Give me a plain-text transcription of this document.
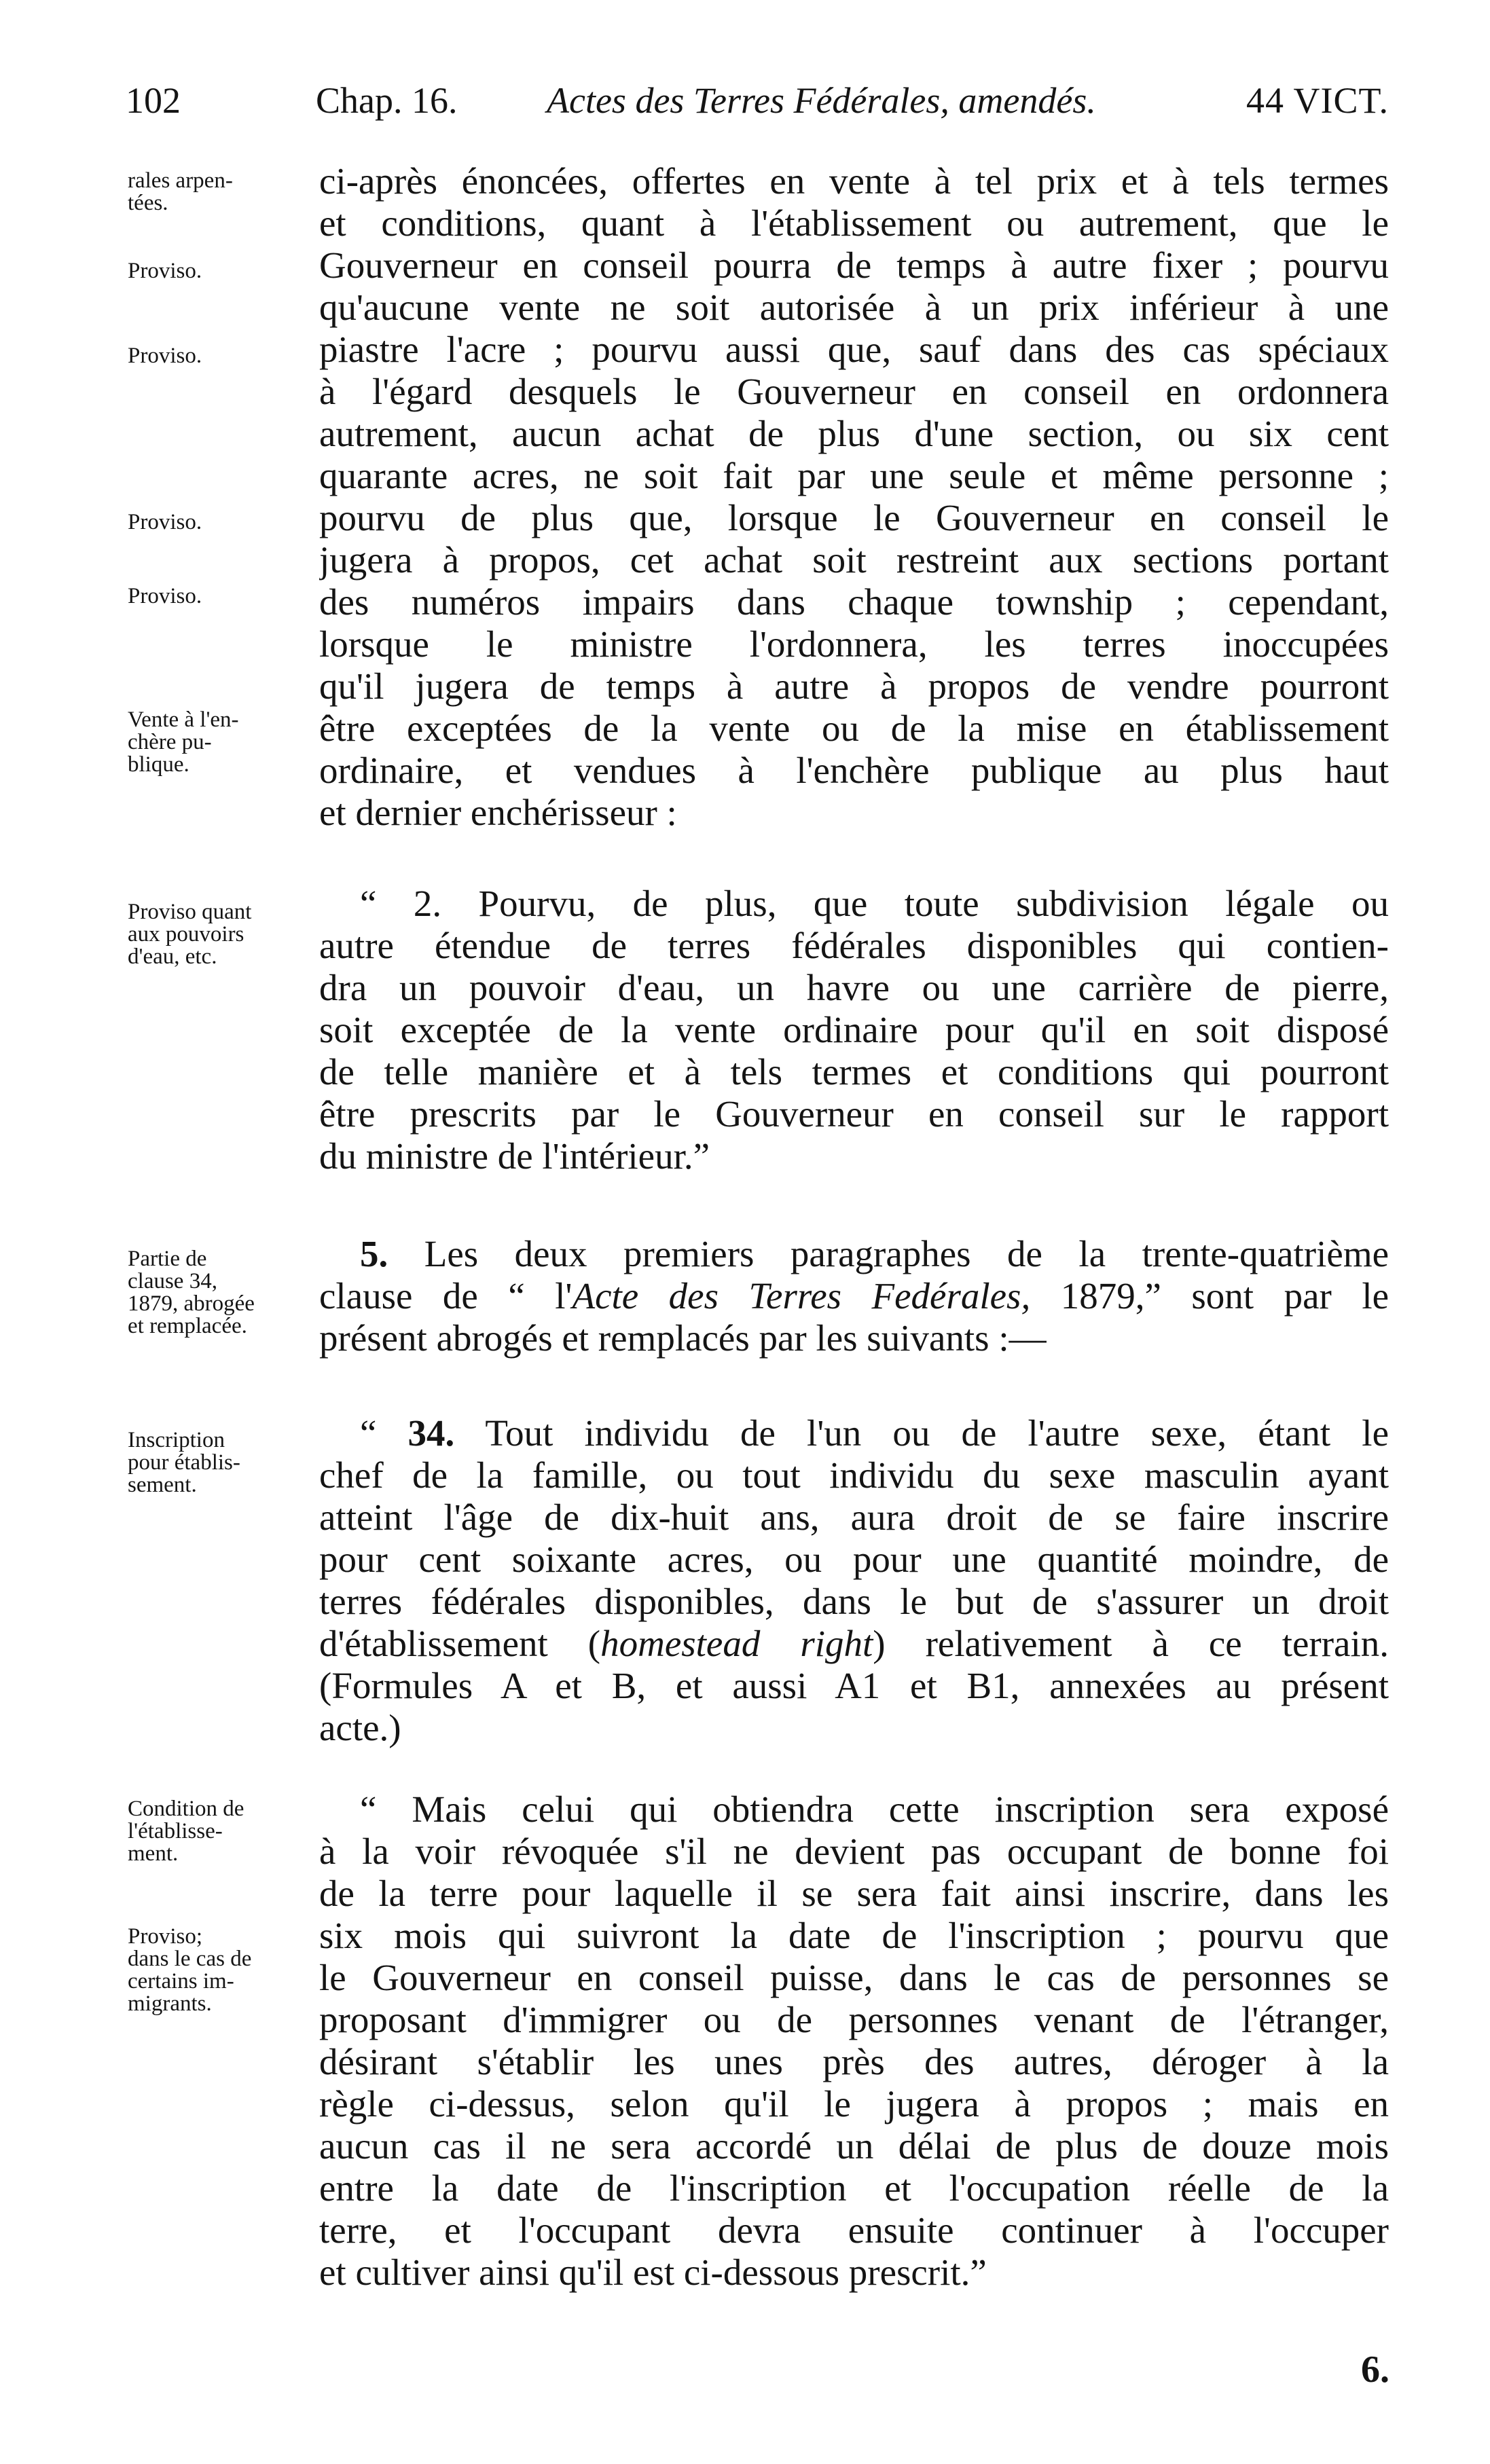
102	Chap. 16. Actes des Terres Fédérales, amendés.	44 VICT.
rales arpen-
tées.
Proviso.
Proviso.
Proviso.
Proviso.
Vente à l'en-
chère pu-
blique.
Proviso quant
aux pouvoirs
d'eau, etc.
Partie de
clause 34,
1879, abrogée
et remplacée.
Inscription
pour établis-
sement.
Condition de
l'établisse-
ment.
Proviso;
dans le cas de
certains im-
migrants.
ci-après énoncées, offertes en vente à tel prix et à tels termes
et conditions, quant à l'établissement ou autrement, que le
Gouverneur en conseil pourra de temps à autre fixer ; pourvu
qu'aucune vente ne soit autorisée à un prix inférieur à une
piastre l'acre ; pourvu aussi que, sauf dans des cas spéciaux
à l'égard desquels le Gouverneur en conseil en ordonnera
autrement, aucun achat de plus d'une section, ou six cent
quarante acres, ne soit fait par une seule et même personne ;
pourvu de plus que, lorsque le Gouverneur en conseil le
jugera à propos, cet achat soit restreint aux sections portant
des numéros impairs dans chaque township ; cependant,
lorsque le ministre l'ordonnera, les terres inoccupées
qu'il jugera de temps à autre à propos de vendre pourront
être exceptées de la vente ou de la mise en établissement
ordinaire, et vendues à l'enchère publique au plus haut
et dernier enchérisseur :
“ 2. Pourvu, de plus, que toute subdivision légale ou
autre étendue de terres fédérales disponibles qui contien-
dra un pouvoir d'eau, un havre ou une carrière de pierre,
soit exceptée de la vente ordinaire pour qu'il en soit disposé
de telle manière et à tels termes et conditions qui pourront
être prescrits par le Gouverneur en conseil sur le rapport
du ministre de l'intérieur.”
5. Les deux premiers paragraphes de la trente-quatrième
clause de “ l'Acte des Terres Fedérales, 1879,” sont par le
présent abrogés et remplacés par les suivants :—
“ 34. Tout individu de l'un ou de l'autre sexe, étant le
chef de la famille, ou tout individu du sexe masculin ayant
atteint l'âge de dix-huit ans, aura droit de se faire inscrire
pour cent soixante acres, ou pour une quantité moindre, de
terres fédérales disponibles, dans le but de s'assurer un droit
d'établissement (homestead right) relativement à ce terrain.
(Formules A et B, et aussi A1 et B1, annexées au présent
acte.)
“ Mais celui qui obtiendra cette inscription sera exposé
à la voir révoquée s'il ne devient pas occupant de bonne foi
de la terre pour laquelle il se sera fait ainsi inscrire, dans les
six mois qui suivront la date de l'inscription ; pourvu que
le Gouverneur en conseil puisse, dans le cas de personnes se
proposant d'immigrer ou de personnes venant de l'étranger,
désirant s'établir les unes près des autres, déroger à la
règle ci-dessus, selon qu'il le jugera à propos ; mais en
aucun cas il ne sera accordé un délai de plus de douze mois
entre la date de l'inscription et l'occupation réelle de la
terre, et l'occupant devra ensuite continuer à l'occuper
et cultiver ainsi qu'il est ci-dessous prescrit.”
6.
